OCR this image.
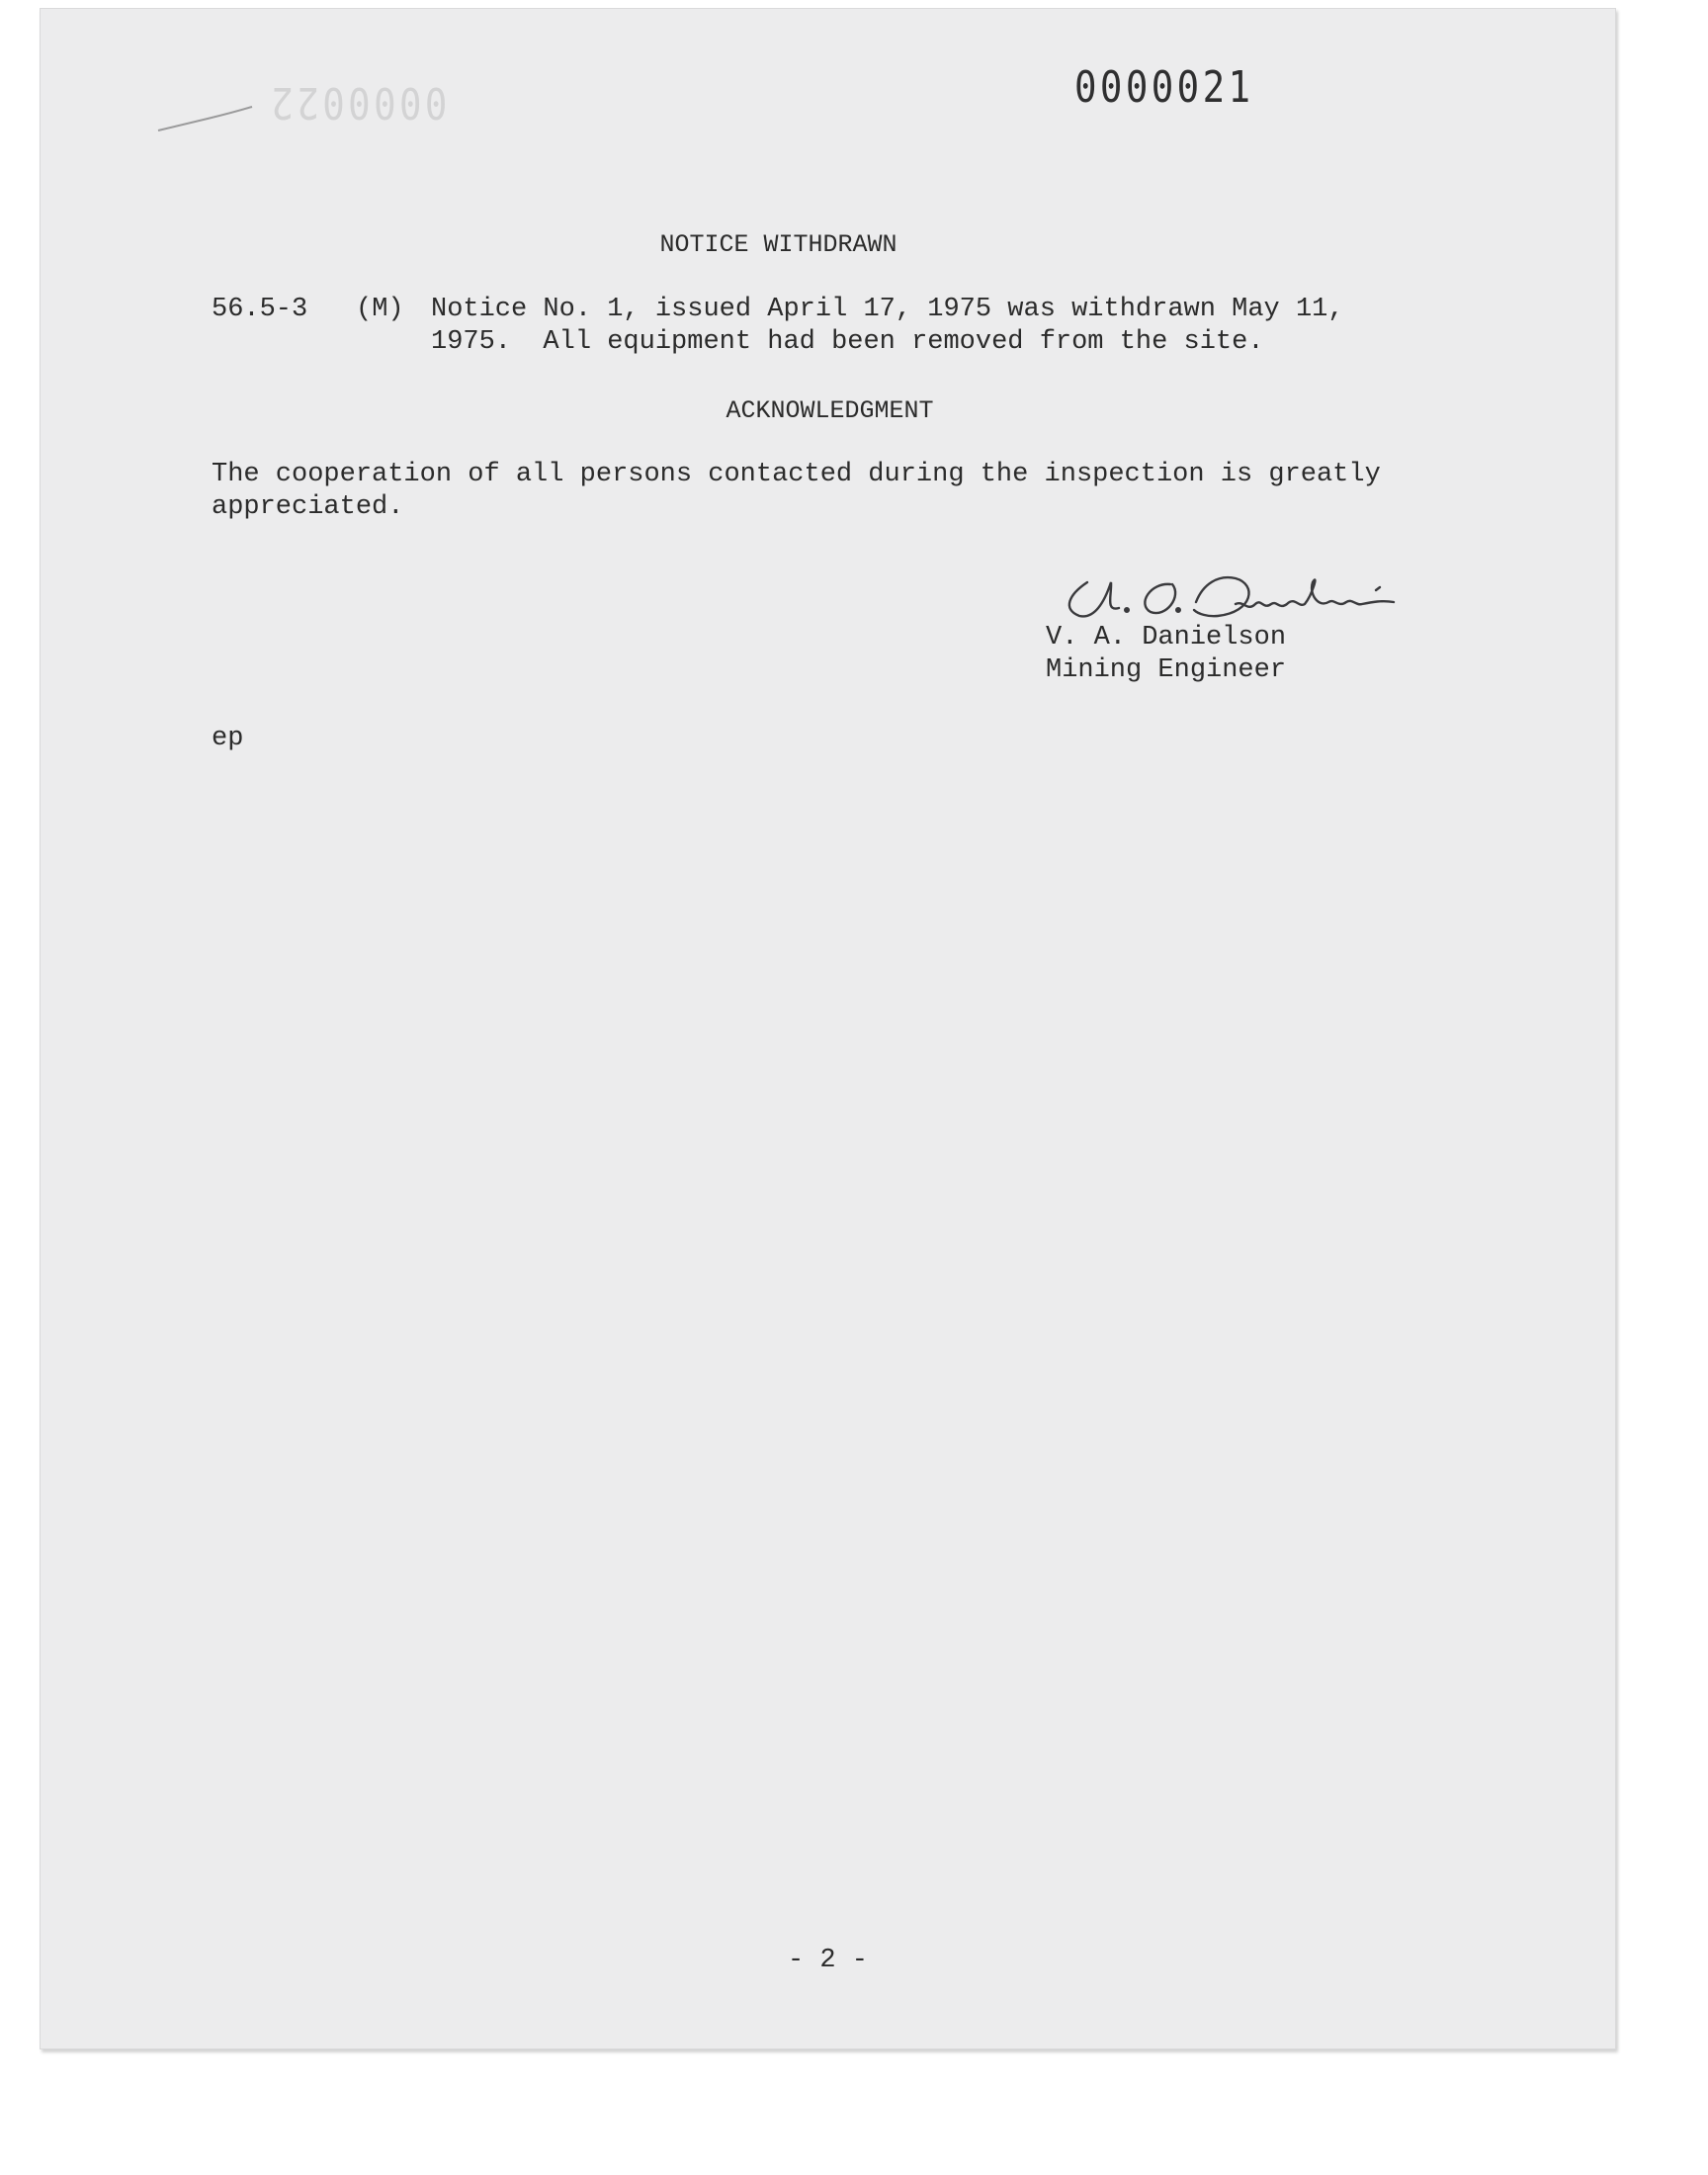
0000022	0000021
NOTICE WITHDRAWN
56.5-3 (M) Notice No. 1, issued April 17, 1975 was withdrawn May 11,
1975.  All equipment had been removed from the site.
ACKNOWLEDGMENT
The cooperation of all persons contacted during the inspection is greatly
appreciated.
V. A. Danielson
Mining Engineer
ep
- 2 -
